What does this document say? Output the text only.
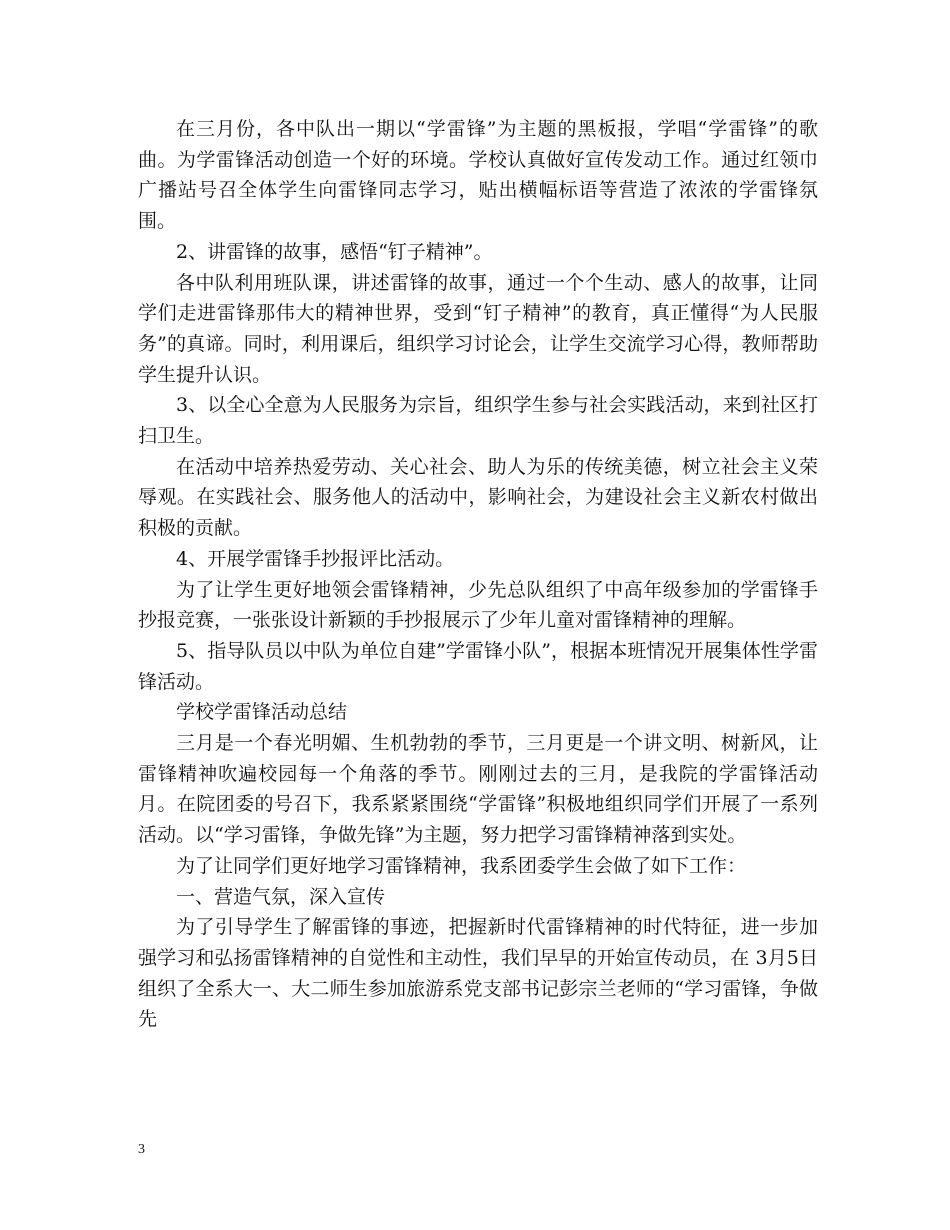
在三月份，各中队出一期以“学雷锋”为主题的黑板报，学唱“学雷锋”的歌曲。为学雷锋活动创造一个好的环境。学校认真做好宣传发动工作。通过红领巾广播站号召全体学生向雷锋同志学习，贴出横幅标语等营造了浓浓的学雷锋氛围。

2、讲雷锋的故事，感悟“钉子精神”。

各中队利用班队课，讲述雷锋的故事，通过一个个生动、感人的故事，让同学们走进雷锋那伟大的精神世界，受到“钉子精神”的教育，真正懂得“为人民服务”的真谛。同时，利用课后，组织学习讨论会，让学生交流学习心得，教师帮助学生提升认识。

3、以全心全意为人民服务为宗旨，组织学生参与社会实践活动，来到社区打扫卫生。

在活动中培养热爱劳动、关心社会、助人为乐的传统美德，树立社会主义荣辱观。在实践社会、服务他人的活动中，影响社会，为建设社会主义新农村做出积极的贡献。

4、开展学雷锋手抄报评比活动。

为了让学生更好地领会雷锋精神，少先总队组织了中高年级参加的学雷锋手抄报竞赛，一张张设计新颖的手抄报展示了少年儿童对雷锋精神的理解。

5、指导队员以中队为单位自建”学雷锋小队”，根据本班情况开展集体性学雷锋活动。

学校学雷锋活动总结

三月是一个春光明媚、生机勃勃的季节，三月更是一个讲文明、树新风，让雷锋精神吹遍校园每一个角落的季节。刚刚过去的三月，是我院的学雷锋活动月。在院团委的号召下，我系紧紧围绕“学雷锋”积极地组织同学们开展了一系列活动。以“学习雷锋，争做先锋”为主题，努力把学习雷锋精神落到实处。

为了让同学们更好地学习雷锋精神，我系团委学生会做了如下工作：

一、营造气氛，深入宣传

为了引导学生了解雷锋的事迹，把握新时代雷锋精神的时代特征，进一步加强学习和弘扬雷锋精神的自觉性和主动性，我们早早的开始宣传动员，在 3月5日组织了全系大一、大二师生参加旅游系党支部书记彭宗兰老师的“学习雷锋，争做先

3
